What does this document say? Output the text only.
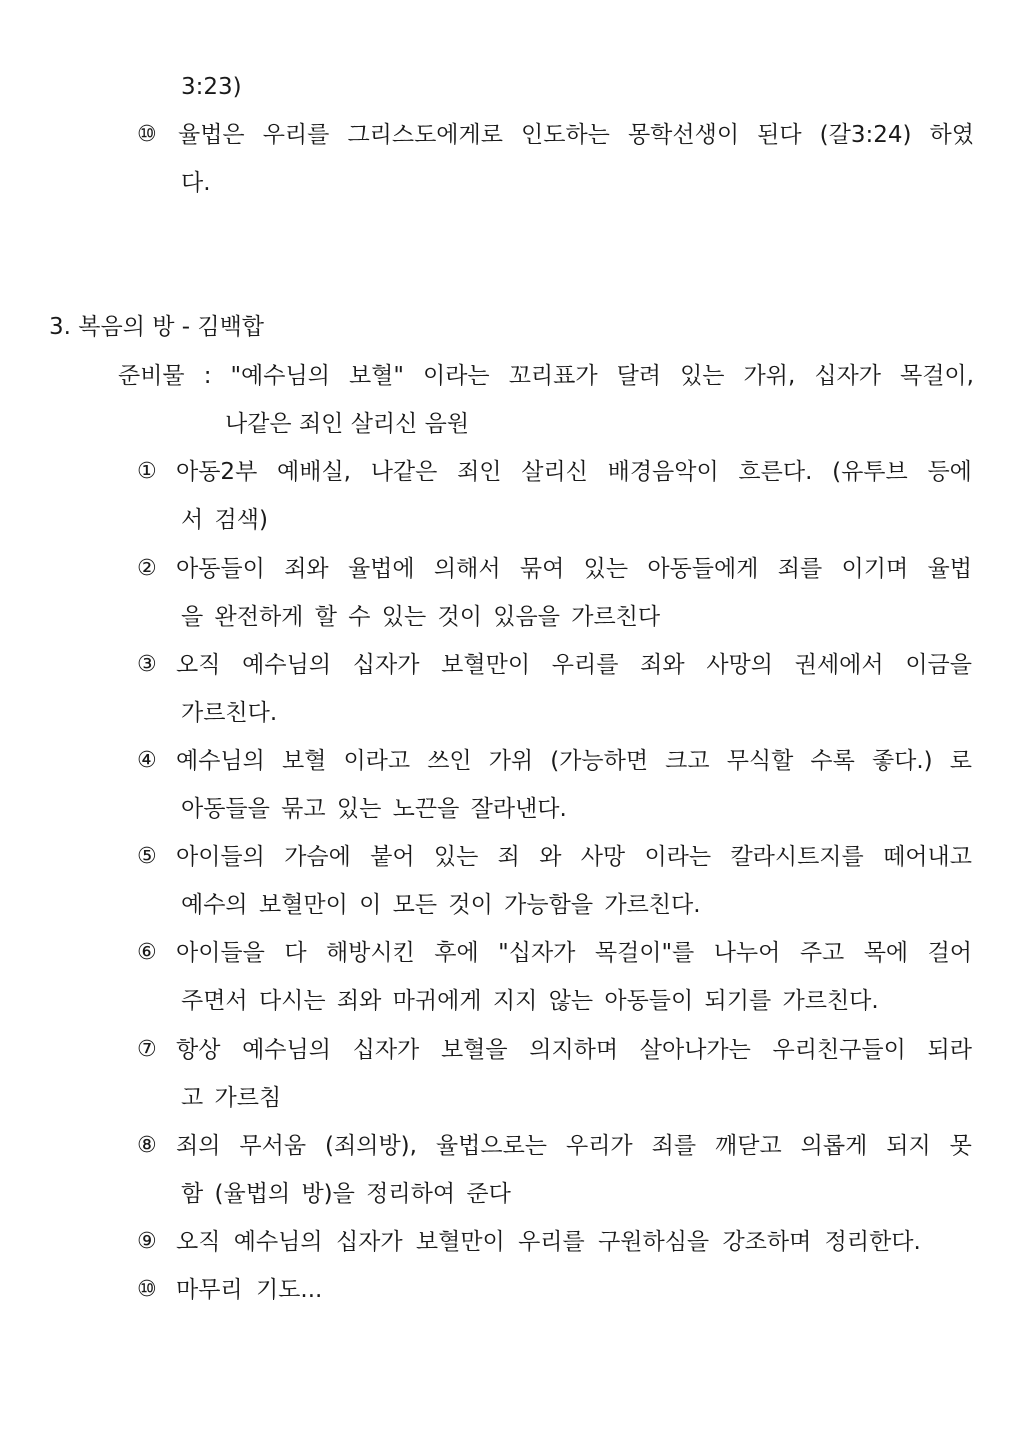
3:23)
⑩ 율법은 우리를 그리스도에게로 인도하는 몽학선생이 된다 (갈3:24) 하였
다.
3. 복음의 방 - 김백합
준비물 : "예수님의 보혈" 이라는 꼬리표가 달려 있는 가위, 십자가 목걸이,
나같은 죄인 살리신 음원
① 아동2부 예배실, 나같은 죄인 살리신 배경음악이 흐른다. (유투브 등에
서 검색)
② 아동들이 죄와 율법에 의해서 묶여 있는 아동들에게 죄를 이기며 율법
을 완전하게 할 수 있는 것이 있음을 가르친다
③ 오직 예수님의 십자가 보혈만이 우리를 죄와 사망의 권세에서 이금을
가르친다.
④ 예수님의 보혈 이라고 쓰인 가위 (가능하면 크고 무식할 수록 좋다.) 로
아동들을 묶고 있는 노끈을 잘라낸다.
⑤ 아이들의 가슴에 붙어 있는 죄 와 사망 이라는 칼라시트지를 떼어내고
예수의 보혈만이 이 모든 것이 가능함을 가르친다.
⑥ 아이들을 다 해방시킨 후에 "십자가 목걸이"를 나누어 주고 목에 걸어
주면서 다시는 죄와 마귀에게 지지 않는 아동들이 되기를 가르친다.
⑦ 항상 예수님의 십자가 보혈을 의지하며 살아나가는 우리친구들이 되라
고 가르침
⑧ 죄의 무서움 (죄의방), 율법으로는 우리가 죄를 깨닫고 의롭게 되지 못
함 (율법의 방)을 정리하여 준다
⑨ 오직 예수님의 십자가 보혈만이 우리를 구원하심을 강조하며 정리한다.
⑩ 마무리 기도...
